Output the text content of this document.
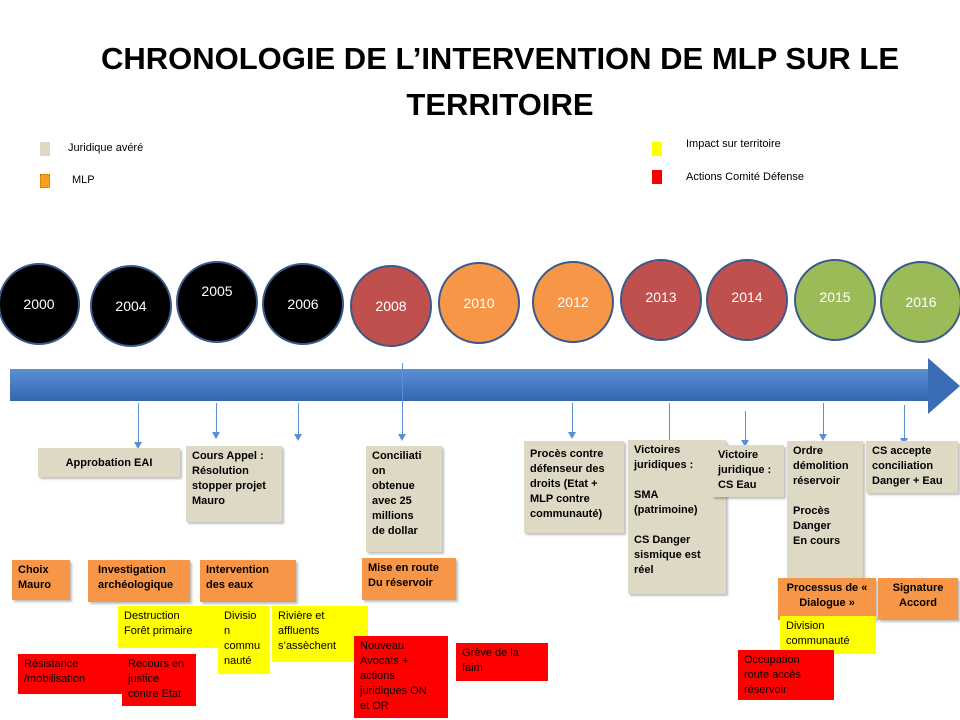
CHRONOLOGIE DE L’INTERVENTION DE MLP SUR LE
TERRITOIRE
Juridique avéré
MLP
Impact sur territoire
Actions Comité Défense
2000	2004
2005
2006	2008	2010	2012	2013	2014	2015	2016
Approbation EAI
Cours Appel :
Résolution stopper projet Mauro
Conciliati
on
obtenue
avec 25
millions
de dollar
Procès contre défenseur des droits (Etat + MLP contre communauté)
Victoires juridiques :

SMA (patrimoine)

CS Danger sismique est réel
Victoire juridique :
CS Eau
Ordre démolition réservoir

Procès Danger
En cours
CS accepte conciliation Danger + Eau
Choix
Mauro
Investigation archéologique
Intervention des eaux
Mise en route
Du réservoir	Processus de « Dialogue »
Signature
Accord
Destruction
Forêt primaire
Divisio
n
commu
nauté
Rivière et
affluents
s’assèchent
Division
communauté
Résistance
/mobilisation
Recours en
justice
contre Etat
Nouveau
Avocats +
actions
juridiques ON
et OR
Grève de la
faim
Occupation
route accès
réservoir
